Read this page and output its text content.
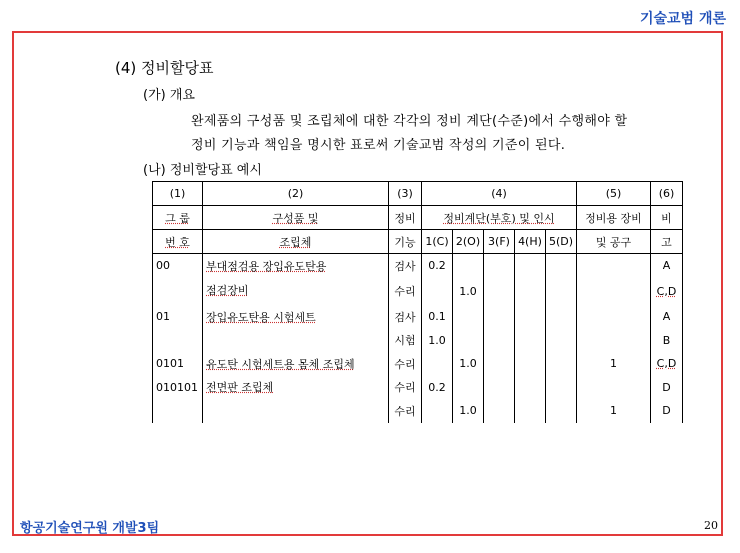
기술교범 개론
(4) 정비할당표
(가) 개요
완제품의 구성품 및 조립체에 대한 각각의 정비 계단(수준)에서 수행해야 할
정비 기능과 책임을 명시한 표로써 기술교범 작성의 기준이 된다.
(나) 정비할당표 예시
(1)	(2)	(3)	(4)					(5)	(6)
그 룹	구성품 및	정비	정비계단(부호) 및 인시					정비용 장비	비
번 호	조립체	기능	1(C)	2(O)	3(F)	4(H)	5(D)	및 공구	고
00	부대점검용 장입유도탄용	검사	0.2						A
	점검장비	수리		1.0					C,D
01	장입유도탄용 시험세트	검사	0.1						A
		시험	1.0						B
0101	유도탄 시험세트용 몸체 조립체	수리		1.0				1	C,D
010101	전면판 조립체	수리	0.2						D
		수리		1.0				1	D
항공기술연구원 개발3팀	20
